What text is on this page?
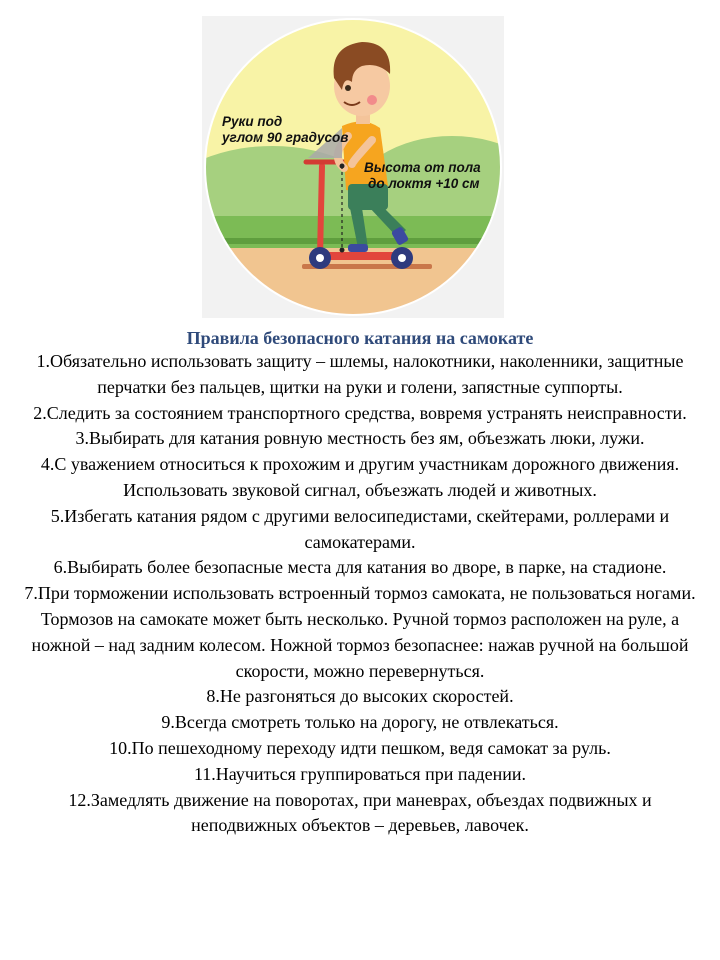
Руки под
углом 90 градусов
Высота от пола
до локтя +10 см
Правила безопасного катания на самокате
1.Обязательно использовать защиту – шлемы, налокотники, наколенники, защитные перчатки без пальцев, щитки на руки и голени, запястные суппорты.
2.Следить за состоянием транспортного средства, вовремя устранять неисправности.
3.Выбирать для катания ровную местность без ям, объезжать люки, лужи.
4.С уважением относиться к прохожим и другим участникам дорожного движения. Использовать звуковой сигнал, объезжать людей и животных.
5.Избегать катания рядом с другими велосипедистами, скейтерами, роллерами и самокатерами.
6.Выбирать более безопасные места для катания во дворе, в парке, на стадионе.
7.При торможении использовать встроенный тормоз самоката, не пользоваться ногами. Тормозов на самокате может быть несколько. Ручной тормоз расположен на руле, а ножной – над задним колесом. Ножной тормоз безопаснее: нажав ручной на большой скорости, можно перевернуться.
8.Не разгоняться до высоких скоростей.
9.Всегда смотреть только на дорогу, не отвлекаться.
10.По пешеходному переходу идти пешком, ведя самокат за руль.
11.Научиться группироваться при падении.
12.Замедлять движение на поворотах, при маневрах, объездах подвижных и неподвижных объектов – деревьев, лавочек.
